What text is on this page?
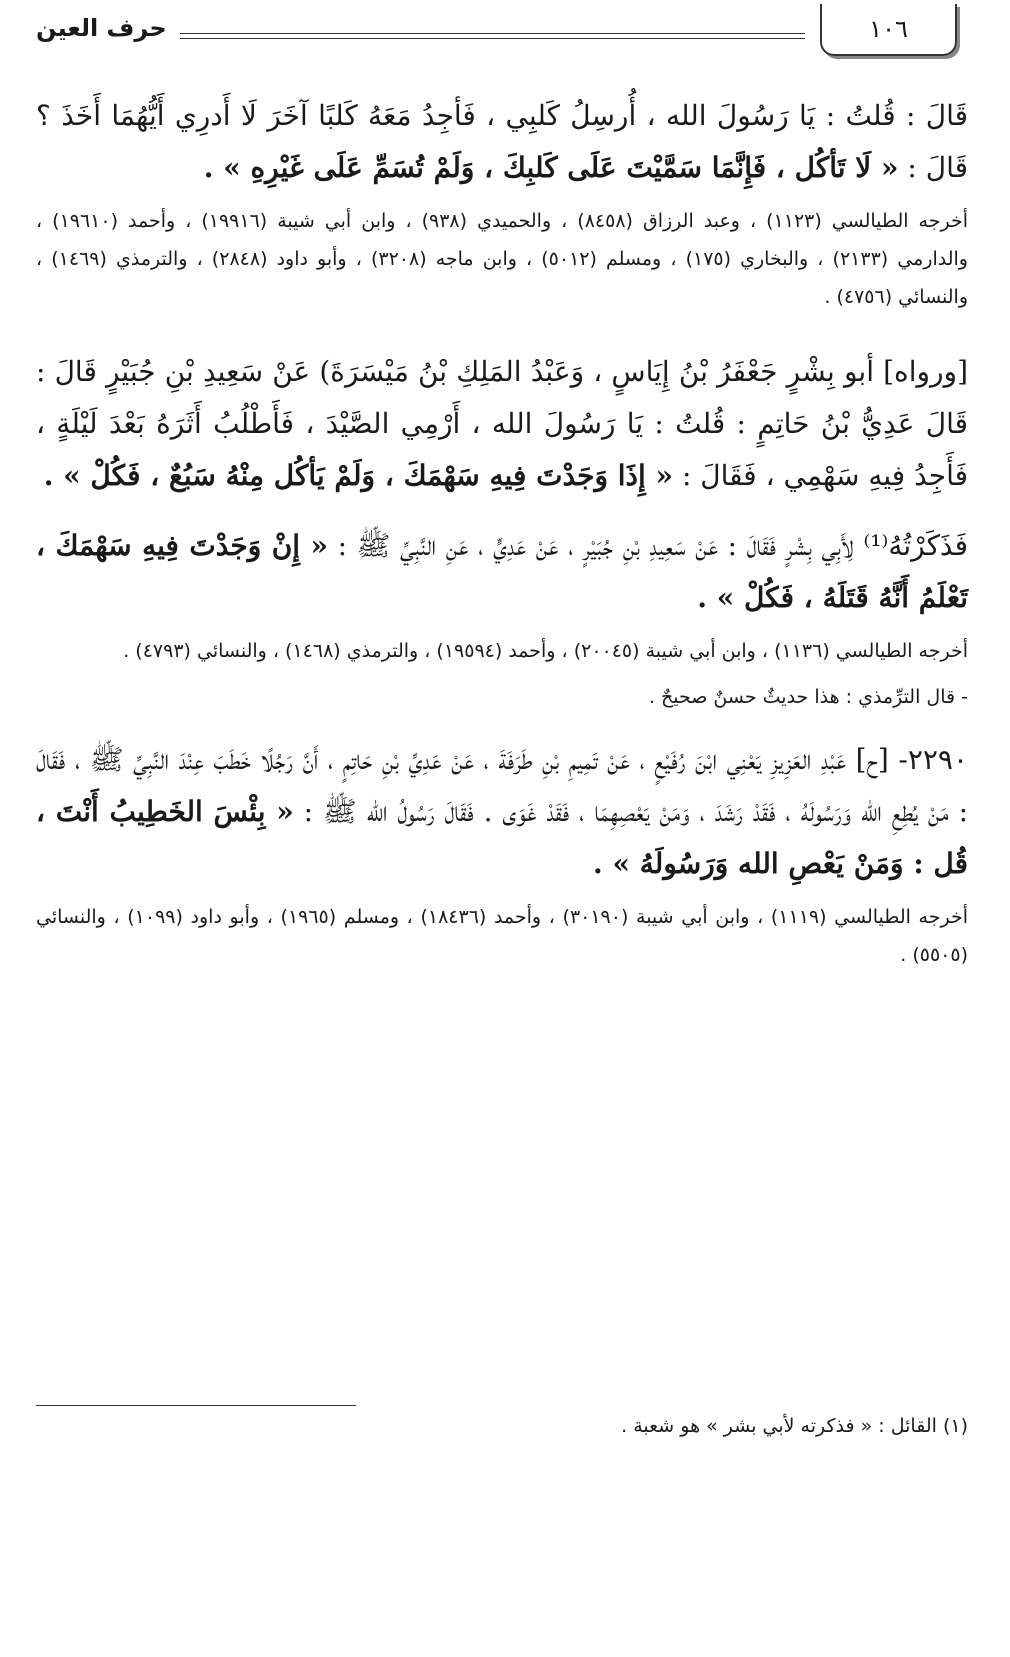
١٠٦
حرف العين

قَالَ : قُلتُ : يَا رَسُولَ الله ، أُرسِلُ كَلبِي ، فَأجِدُ مَعَهُ كَلبًا آخَرَ لَا أَدرِي أَيُّهُمَا أَخَذَ ؟ قَالَ : « لَا تَأكُل ، فَإِنَّمَا سَمَّيْتَ عَلَى كَلبِكَ ، وَلَمْ تُسَمِّ عَلَى غَيْرِهِ » .

أخرجه الطيالسي (١١٢٣) ، وعبد الرزاق (٨٤٥٨) ، والحميدي (٩٣٨) ، وابن أبي شيبة (١٩٩١٦) ، وأحمد (١٩٦١٠) ، والدارمي (٢١٣٣) ، والبخاري (١٧٥) ، ومسلم (٥٠١٢) ، وابن ماجه (٣٢٠٨) ، وأبو داود (٢٨٤٨) ، والترمذي (١٤٦٩) ، والنسائي (٤٧٥٦) .

[ورواه] أبو بِشْرٍ جَعْفَرُ بْنُ إِيَاسٍ ، وَعَبْدُ المَلِكِ بْنُ مَيْسَرَةَ) عَنْ سَعِيدِ بْنِ جُبَيْرٍ قَالَ : قَالَ عَدِيُّ بْنُ حَاتِمٍ : قُلتُ : يَا رَسُولَ الله ، أَرْمِي الصَّيْدَ ، فَأَطْلُبُ أَثَرَهُ بَعْدَ لَيْلَةٍ ، فَأَجِدُ فِيهِ سَهْمِي ، فَقَالَ : « إِذَا وَجَدْتَ فِيهِ سَهْمَكَ ، وَلَمْ يَأكُل مِنْهُ سَبُعٌ ، فَكُلْ » .

فَذَكَرْتُهُ⁽¹⁾ لِأَبِي بِشْرٍ فَقَالَ : عَنْ سَعِيدِ بْنِ جُبَيْرٍ ، عَنْ عَدِيٍّ ، عَنِ النَّبِيِّ ﷺ : « إِنْ وَجَدْتَ فِيهِ سَهْمَكَ ، تَعْلَمُ أَنَّهُ قَتَلَهُ ، فَكُلْ » .

أخرجه الطيالسي (١١٣٦) ، وابن أبي شيبة (٢٠٠٤٥) ، وأحمد (١٩٥٩٤) ، والترمذي (١٤٦٨) ، والنسائي (٤٧٩٣) .

- قال الترِّمذي : هذا حديثٌ حسنٌ صحيحٌ .

٢٢٩٠- [ح] عَبْدِ العَزِيزِ يَعْنِي ابْنَ رُفَيْعٍ ، عَنْ تَمِيمِ بْنِ طَرَفَةَ ، عَنْ عَدِيِّ بْنِ حَاتِمٍ ، أَنَّ رَجُلًا خَطَبَ عِنْدَ النَّبِيِّ ﷺ ، فَقَالَ : مَنْ يُطِعِ الله وَرَسُولَهُ ، فَقَدْ رَشَدَ ، وَمَنْ يَعْصِهِمَا ، فَقَدْ غَوَى . فَقَالَ رَسُولُ الله ﷺ : « بِئْسَ الخَطِيبُ أَنْتَ ، قُل : وَمَنْ يَعْصِ الله وَرَسُولَهُ » .

أخرجه الطيالسي (١١١٩) ، وابن أبي شيبة (٣٠١٩٠) ، وأحمد (١٨٤٣٦) ، ومسلم (١٩٦٥) ، وأبو داود (١٠٩٩) ، والنسائي (٥٥٠٥) .

(١) القائل : « فذكرته لأبي بشر » هو شعبة .
